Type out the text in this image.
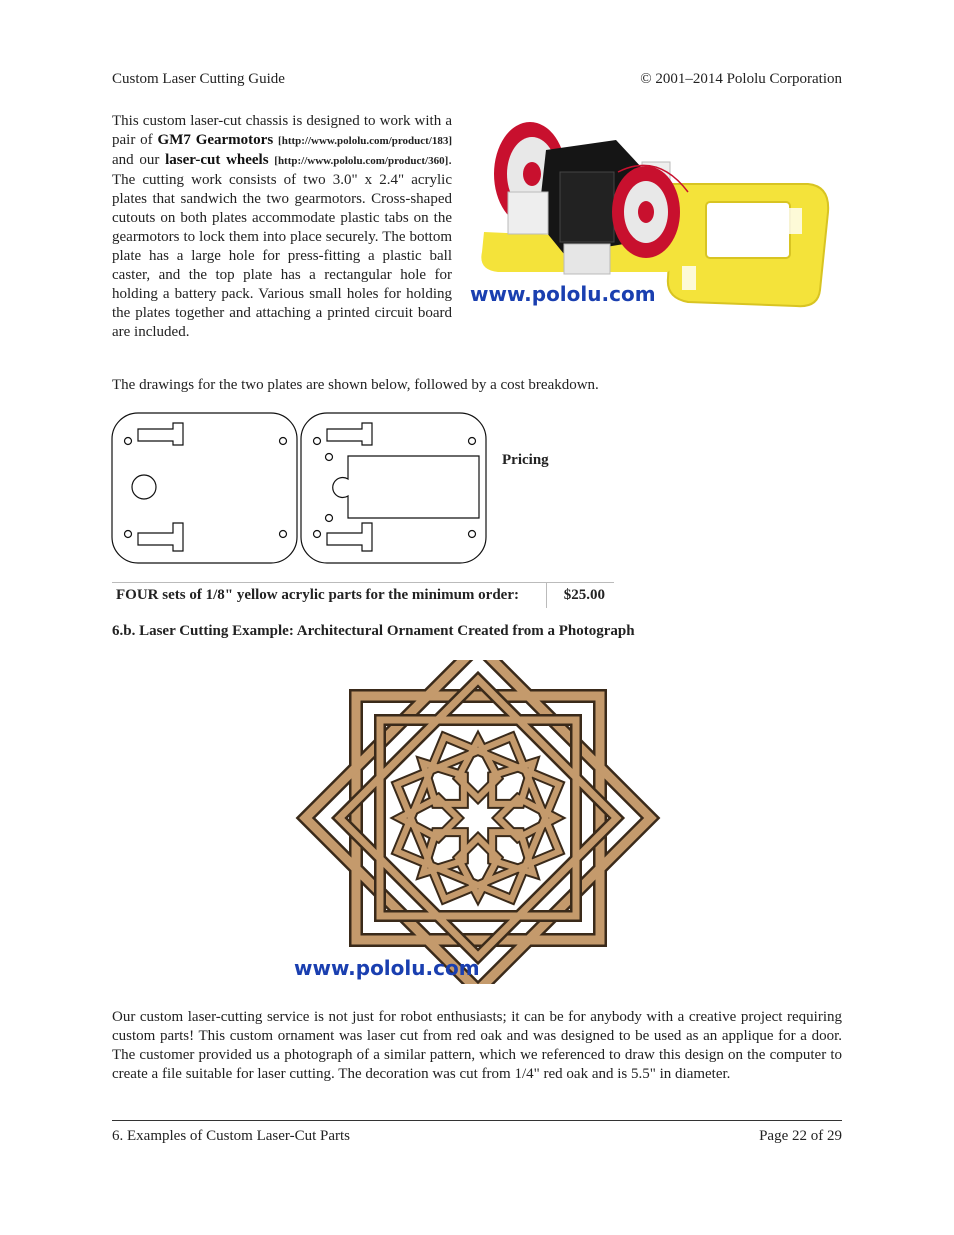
Custom Laser Cutting Guide	© 2001–2014 Pololu Corporation
This custom laser-cut chassis is designed to work with a pair of GM7 Gearmotors [http://www.pololu.com/product/183] and our laser-cut wheels [http://www.pololu.com/product/360]. The cutting work consists of two 3.0" x 2.4" acrylic plates that sandwich the two gearmotors. Cross-shaped cutouts on both plates accommodate plastic tabs on the gearmotors to lock them into place securely. The bottom plate has a large hole for press-fitting a plastic ball caster, and the top plate has a rectangular hole for holding a battery pack. Various small holes for holding the plates together and attaching a printed circuit board are included.
www.pololu.com
The drawings for the two plates are shown below, followed by a cost breakdown.
Pricing
FOUR sets of 1/8" yellow acrylic parts for the minimum order:	$25.00
6.b. Laser Cutting Example: Architectural Ornament Created from a Photograph
www.pololu.com
Our custom laser-cutting service is not just for robot enthusiasts; it can be for anybody with a creative project requiring custom parts! This custom ornament was laser cut from red oak and was designed to be used as an applique for a door. The customer provided us a photograph of a similar pattern, which we referenced to draw this design on the computer to create a file suitable for laser cutting. The decoration was cut from 1/4" red oak and is 5.5" in diameter.
6. Examples of Custom Laser-Cut Parts	Page 22 of 29
